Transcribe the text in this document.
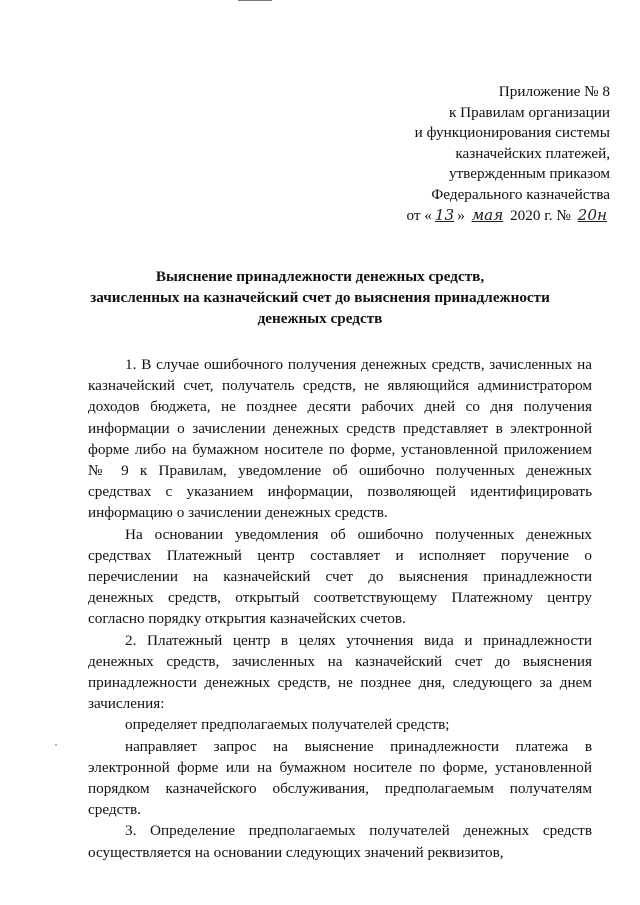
Приложение № 8
к Правилам организации
и функционирования системы
казначейских платежей,
утвержденным приказом
Федерального казначейства
от « 13 » мая 2020 г. № 20н
Выяснение принадлежности денежных средств,
зачисленных на казначейский счет до выяснения принадлежности
денежных средств

1. В случае ошибочного получения денежных средств, зачисленных на казначейский счет, получатель средств, не являющийся администратором доходов бюджета, не позднее десяти рабочих дней со дня получения информации о зачислении денежных средств представляет в электронной форме либо на бумажном носителе по форме, установленной приложением № 9 к Правилам, уведомление об ошибочно полученных денежных средствах с указанием информации, позволяющей идентифицировать информацию о зачислении денежных средств.

На основании уведомления об ошибочно полученных денежных средствах Платежный центр составляет и исполняет поручение о перечислении на казначейский счет до выяснения принадлежности денежных средств, открытый соответствующему Платежному центру согласно порядку открытия казначейских счетов.

2. Платежный центр в целях уточнения вида и принадлежности денежных средств, зачисленных на казначейский счет до выяснения принадлежности денежных средств, не позднее дня, следующего за днем зачисления:

определяет предполагаемых получателей средств;

направляет запрос на выяснение принадлежности платежа в электронной форме или на бумажном носителе по форме, установленной порядком казначейского обслуживания, предполагаемым получателям средств.

3. Определение предполагаемых получателей денежных средств осуществляется на основании следующих значений реквизитов,
